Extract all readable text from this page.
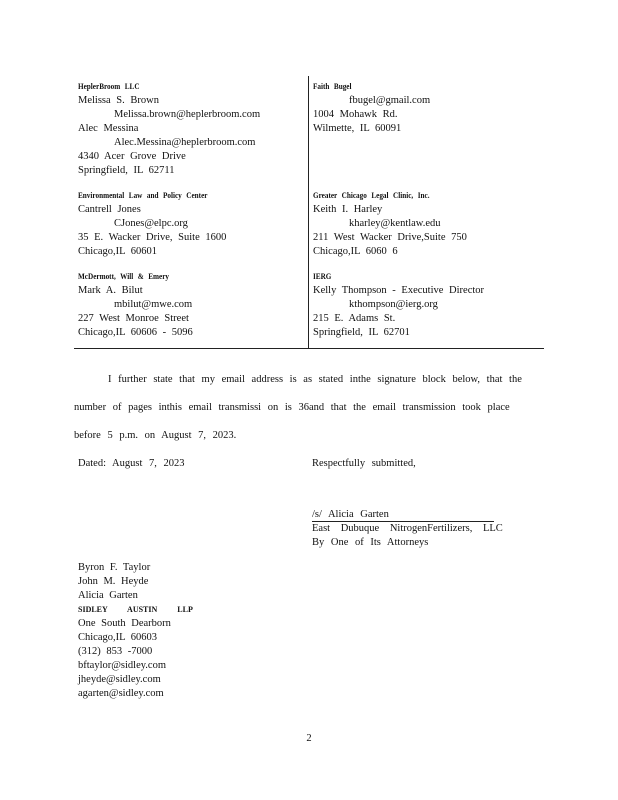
HeplerBroom LLC
Melissa S. Brown
Melissa.brown@heplerbroom.com
Alec Messina
Alec.Messina@heplerbroom.com
4340 Acer Grove Drive
Springfield, IL 62711
Environmental Law and Policy Center
Cantrell Jones
CJones@elpc.org
35 E. Wacker Drive, Suite 1600
Chicago,IL 60601
McDermott, Will & Emery
Mark A. Bilut
mbilut@mwe.com
227 West Monroe Street
Chicago,IL 60606 - 5096
Faith Bugel
fbugel@gmail.com
1004 Mohawk Rd.
Wilmette, IL 60091
Greater Chicago Legal Clinic, Inc.
Keith I. Harley
kharley@kentlaw.edu
211 West Wacker Drive,Suite 750
Chicago,IL 6060 6
IERG
Kelly Thompson - Executive Director
kthompson@ierg.org
215 E. Adams St.
Springfield, IL 62701
I further state that my email address is as stated inthe signature block below, that the
number of pages inthis email transmissi on is 36and that the email transmission took place
before 5 p.m. on August 7, 2023.
Dated: August 7, 2023	Respectfully submitted,
/s/ Alicia Garten
East Dubuque NitrogenFertilizers, LLC
By One of Its Attorneys
Byron F. Taylor
John M. Heyde
Alicia Garten
SIDLEY AUSTIN LLP
One South Dearborn
Chicago,IL 60603
(312) 853 -7000
bftaylor@sidley.com
jheyde@sidley.com
agarten@sidley.com
2
